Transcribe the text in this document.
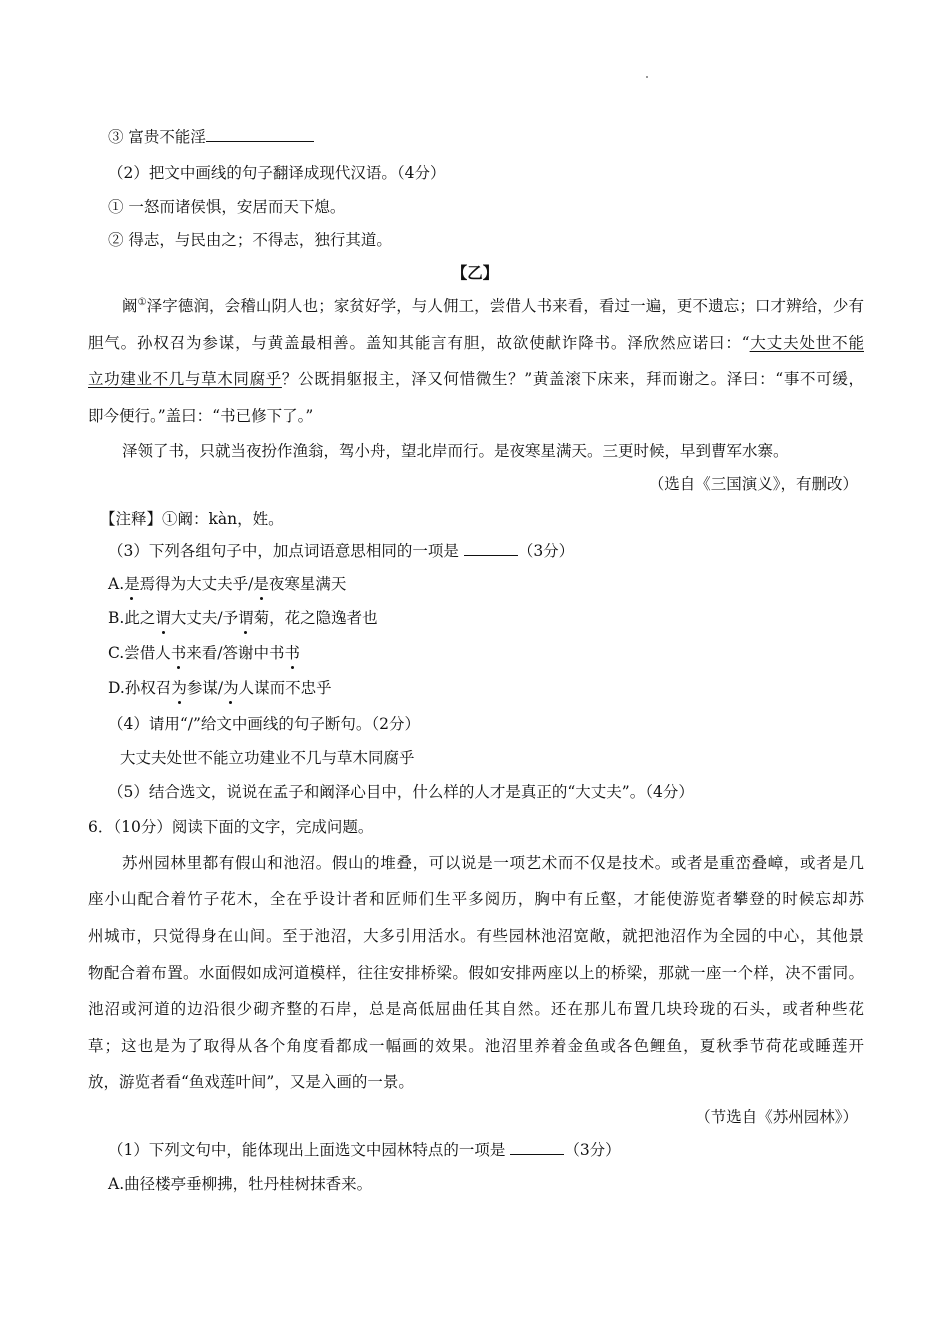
③ 富贵不能淫
（2）把文中画线的句子翻译成现代汉语。（4分）
① 一怒而诸侯惧，安居而天下熄。
② 得志，与民由之；不得志，独行其道。
【乙】
阚①泽字德润，会稽山阴人也；家贫好学，与人佣工，尝借人书来看，看过一遍，更不遗忘；口才辨给，少有
胆气。孙权召为参谋，与黄盖最相善。盖知其能言有胆，故欲使献诈降书。泽欣然应诺曰：“大丈夫处世不能
立功建业不几与草木同腐乎？公既捐躯报主，泽又何惜微生？”黄盖滚下床来，拜而谢之。泽曰：“事不可缓，
即今便行。”盖曰：“书已修下了。”
泽领了书，只就当夜扮作渔翁，驾小舟，望北岸而行。是夜寒星满天。三更时候，早到曹军水寨。
（选自《三国演义》，有删改）
【注释】①阚：kàn，姓。
（3）下列各组句子中，加点词语意思相同的一项是	（3分）
A.是焉得为大丈夫乎/是夜寒星满天
B.此之谓大丈夫/予谓菊，花之隐逸者也
C.尝借人书来看/答谢中书书
D.孙权召为参谋/为人谋而不忠乎
（4）请用“/”给文中画线的句子断句。（2分）
大丈夫处世不能立功建业不几与草木同腐乎
（5）结合选文，说说在孟子和阚泽心目中，什么样的人才是真正的“大丈夫”。（4分）
6．（10分）阅读下面的文字，完成问题。
苏州园林里都有假山和池沼。假山的堆叠，可以说是一项艺术而不仅是技术。或者是重峦叠嶂，或者是几
座小山配合着竹子花木，全在乎设计者和匠师们生平多阅历，胸中有丘壑，才能使游览者攀登的时候忘却苏
州城市，只觉得身在山间。至于池沼，大多引用活水。有些园林池沼宽敞，就把池沼作为全园的中心，其他景
物配合着布置。水面假如成河道模样，往往安排桥梁。假如安排两座以上的桥梁，那就一座一个样，决不雷同。
池沼或河道的边沿很少砌齐整的石岸，总是高低屈曲任其自然。还在那儿布置几块玲珑的石头，或者种些花
草；这也是为了取得从各个角度看都成一幅画的效果。池沼里养着金鱼或各色鲤鱼，夏秋季节荷花或睡莲开
放，游览者看“鱼戏莲叶间”，又是入画的一景。
（节选自《苏州园林》）
（1）下列文句中，能体现出上面选文中园林特点的一项是	（3分）
A.曲径楼亭垂柳拂，牡丹桂树抹香来。
